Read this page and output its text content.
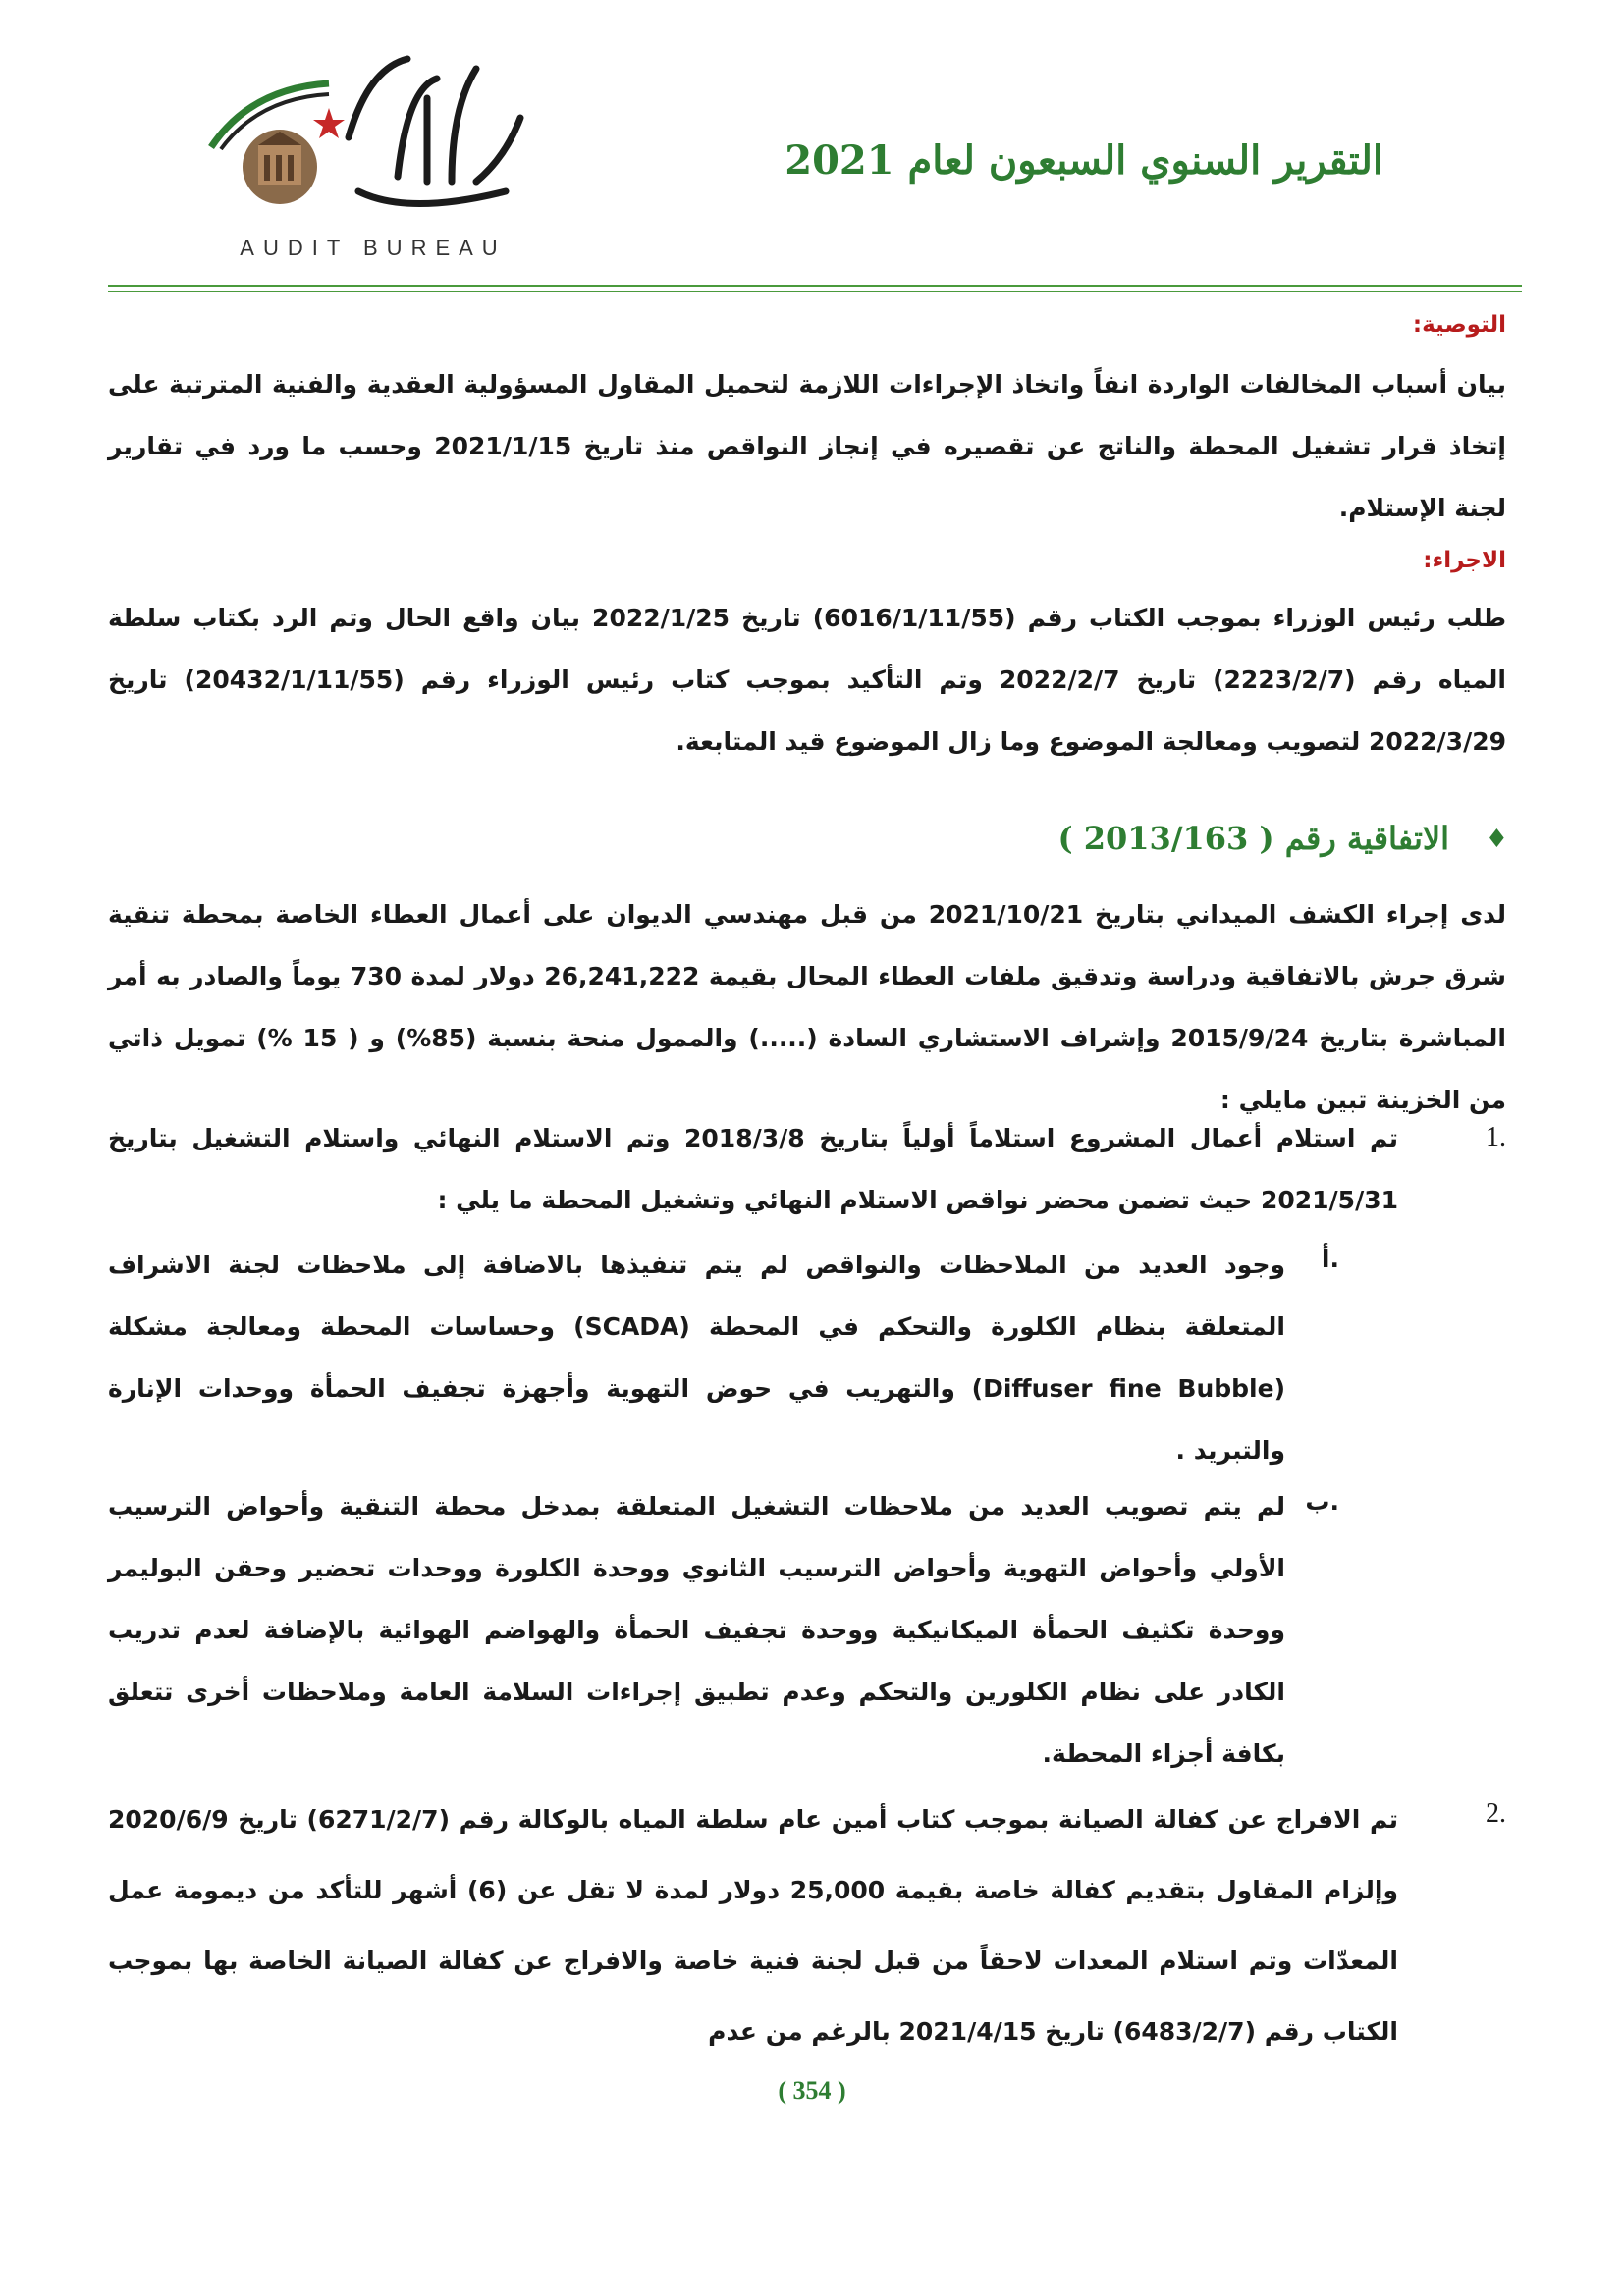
AUDIT BUREAU
التقرير السنوي السبعون لعام 2021
التوصية:
بيان أسباب المخالفات الواردة انفاً واتخاذ الإجراءات اللازمة لتحميل المقاول المسؤولية العقدية والفنية المترتبة على إتخاذ قرار تشغيل المحطة والناتج عن تقصيره في إنجاز النواقص منذ تاريخ 2021/1/15 وحسب ما ورد في تقارير لجنة الإستلام.
الاجراء:
طلب رئيس الوزراء بموجب الكتاب رقم (6016/1/11/55) تاريخ 2022/1/25 بيان واقع الحال وتم الرد بكتاب سلطة المياه رقم (2223/2/7) تاريخ 2022/2/7 وتم التأكيد بموجب كتاب رئيس الوزراء رقم (20432/1/11/55) تاريخ 2022/3/29 لتصويب ومعالجة الموضوع وما زال الموضوع قيد المتابعة.
♦
الاتفاقية رقم ( 2013/163 )
لدى إجراء الكشف الميداني بتاريخ 2021/10/21 من قبل مهندسي الديوان على أعمال العطاء الخاصة بمحطة تنقية شرق جرش بالاتفاقية ودراسة وتدقيق ملفات العطاء المحال بقيمة 26,241,222 دولار لمدة 730 يوماً والصادر به أمر المباشرة بتاريخ 2015/9/24 وإشراف الاستشاري السادة (.....) والممول منحة بنسبة (85%) و ( 15 %) تمويل ذاتي من الخزينة تبين مايلي :
1.
تم استلام أعمال المشروع استلاماً أولياً بتاريخ 2018/3/8 وتم الاستلام النهائي واستلام التشغيل بتاريخ 2021/5/31 حيث تضمن محضر نواقص الاستلام النهائي وتشغيل المحطة ما يلي :
أ.
وجود العديد من الملاحظات والنواقص لم يتم تنفيذها بالاضافة إلى ملاحظات لجنة الاشراف المتعلقة بنظام الكلورة والتحكم في المحطة (SCADA) وحساسات المحطة ومعالجة مشكلة (Diffuser fine Bubble) والتهريب في حوض التهوية وأجهزة تجفيف الحمأة ووحدات الإنارة والتبريد .
ب.
لم يتم تصويب العديد من ملاحظات التشغيل المتعلقة بمدخل محطة التنقية وأحواض الترسيب الأولي وأحواض التهوية وأحواض الترسيب الثانوي ووحدة الكلورة ووحدات تحضير وحقن البوليمر ووحدة تكثيف الحمأة الميكانيكية ووحدة تجفيف الحمأة والهواضم الهوائية بالإضافة لعدم تدريب الكادر على نظام الكلورين والتحكم وعدم تطبيق إجراءات السلامة العامة وملاحظات أخرى تتعلق بكافة أجزاء المحطة.
2.
تم الافراج عن كفالة الصيانة بموجب كتاب أمين عام سلطة المياه بالوكالة رقم (6271/2/7) تاريخ 2020/6/9 وإلزام المقاول بتقديم كفالة خاصة بقيمة 25,000 دولار لمدة لا تقل عن (6) أشهر للتأكد من ديمومة عمل المعدّات وتم استلام المعدات لاحقاً من قبل لجنة فنية خاصة والافراج عن كفالة الصيانة الخاصة بها بموجب الكتاب رقم (6483/2/7) تاريخ 2021/4/15 بالرغم من عدم
( 354 )
